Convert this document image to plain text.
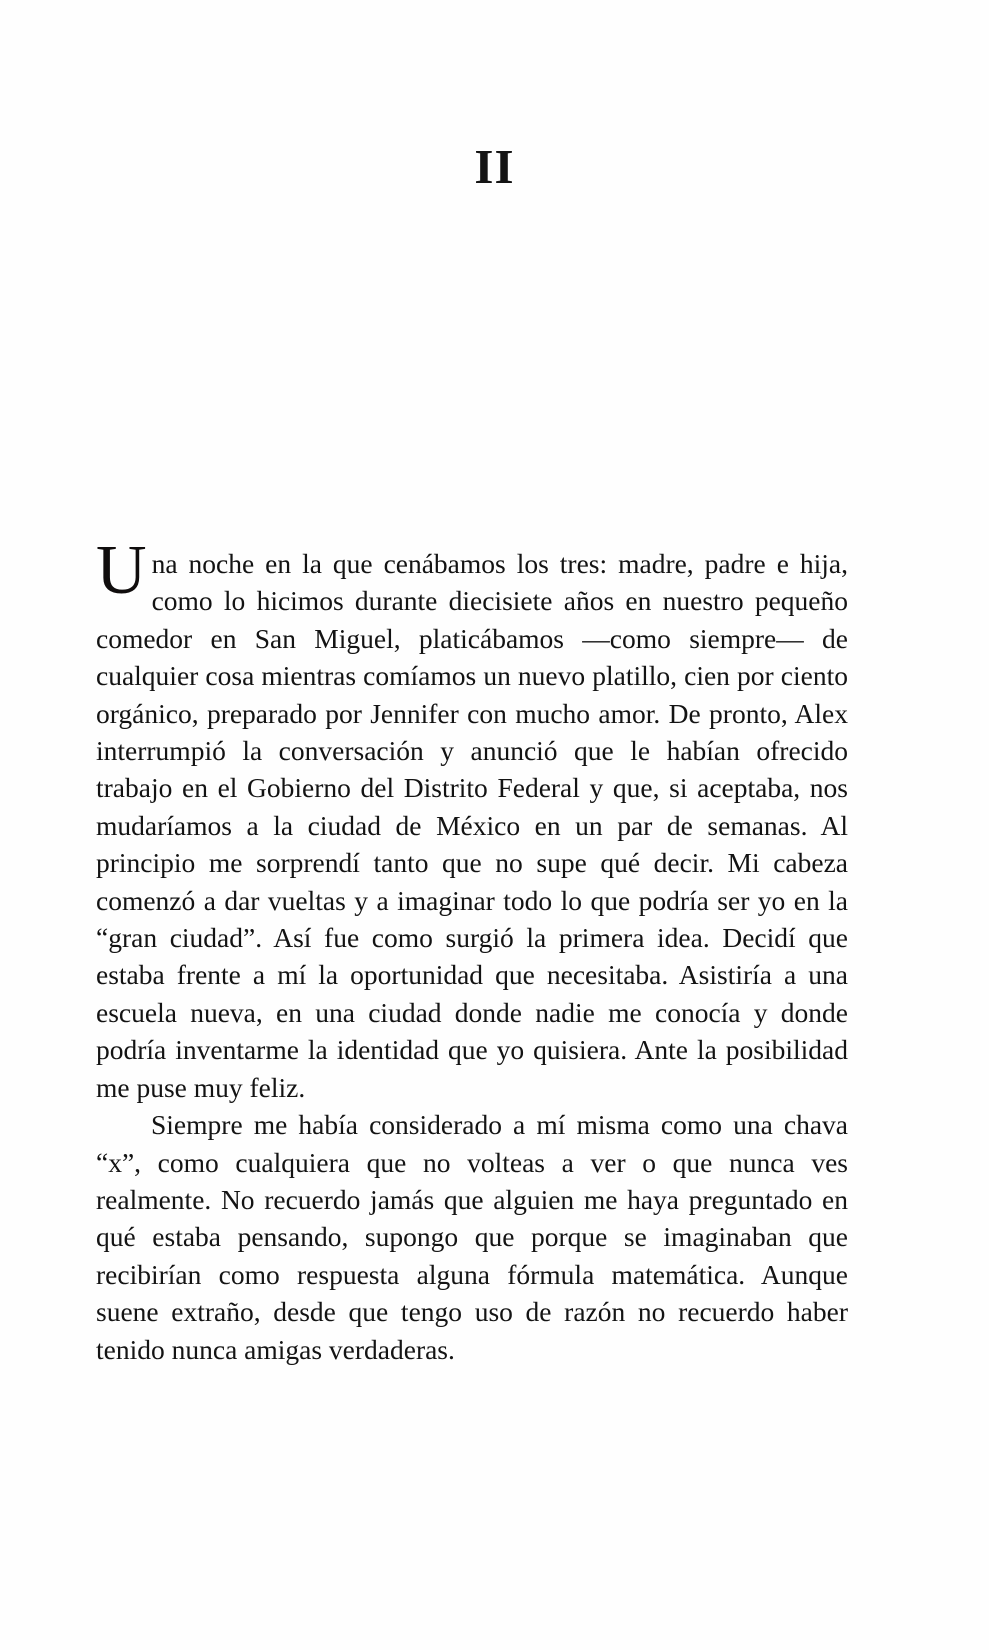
II

Una noche en la que cenábamos los tres: madre, padre e hija, como lo hicimos durante diecisiete años en nuestro pequeño comedor en San Miguel, platicábamos —como siempre— de cualquier cosa mientras comíamos un nuevo platillo, cien por ciento orgánico, preparado por Jennifer con mucho amor. De pronto, Alex interrumpió la conversación y anunció que le habían ofrecido trabajo en el Gobierno del Distrito Federal y que, si aceptaba, nos mudaríamos a la ciudad de México en un par de semanas. Al principio me sorprendí tanto que no supe qué decir. Mi cabeza comenzó a dar vueltas y a imaginar todo lo que podría ser yo en la “gran ciudad”. Así fue como surgió la primera idea. Decidí que estaba frente a mí la oportunidad que necesitaba. Asistiría a una escuela nueva, en una ciudad donde nadie me conocía y donde podría inventarme la identidad que yo quisiera. Ante la posibilidad me puse muy feliz.

Siempre me había considerado a mí misma como una chava “x”, como cualquiera que no volteas a ver o que nunca ves realmente. No recuerdo jamás que alguien me haya preguntado en qué estaba pensando, supongo que porque se imaginaban que recibirían como respuesta alguna fórmula matemática. Aunque suene extraño, desde que tengo uso de razón no recuerdo haber tenido nunca amigas verdaderas.
